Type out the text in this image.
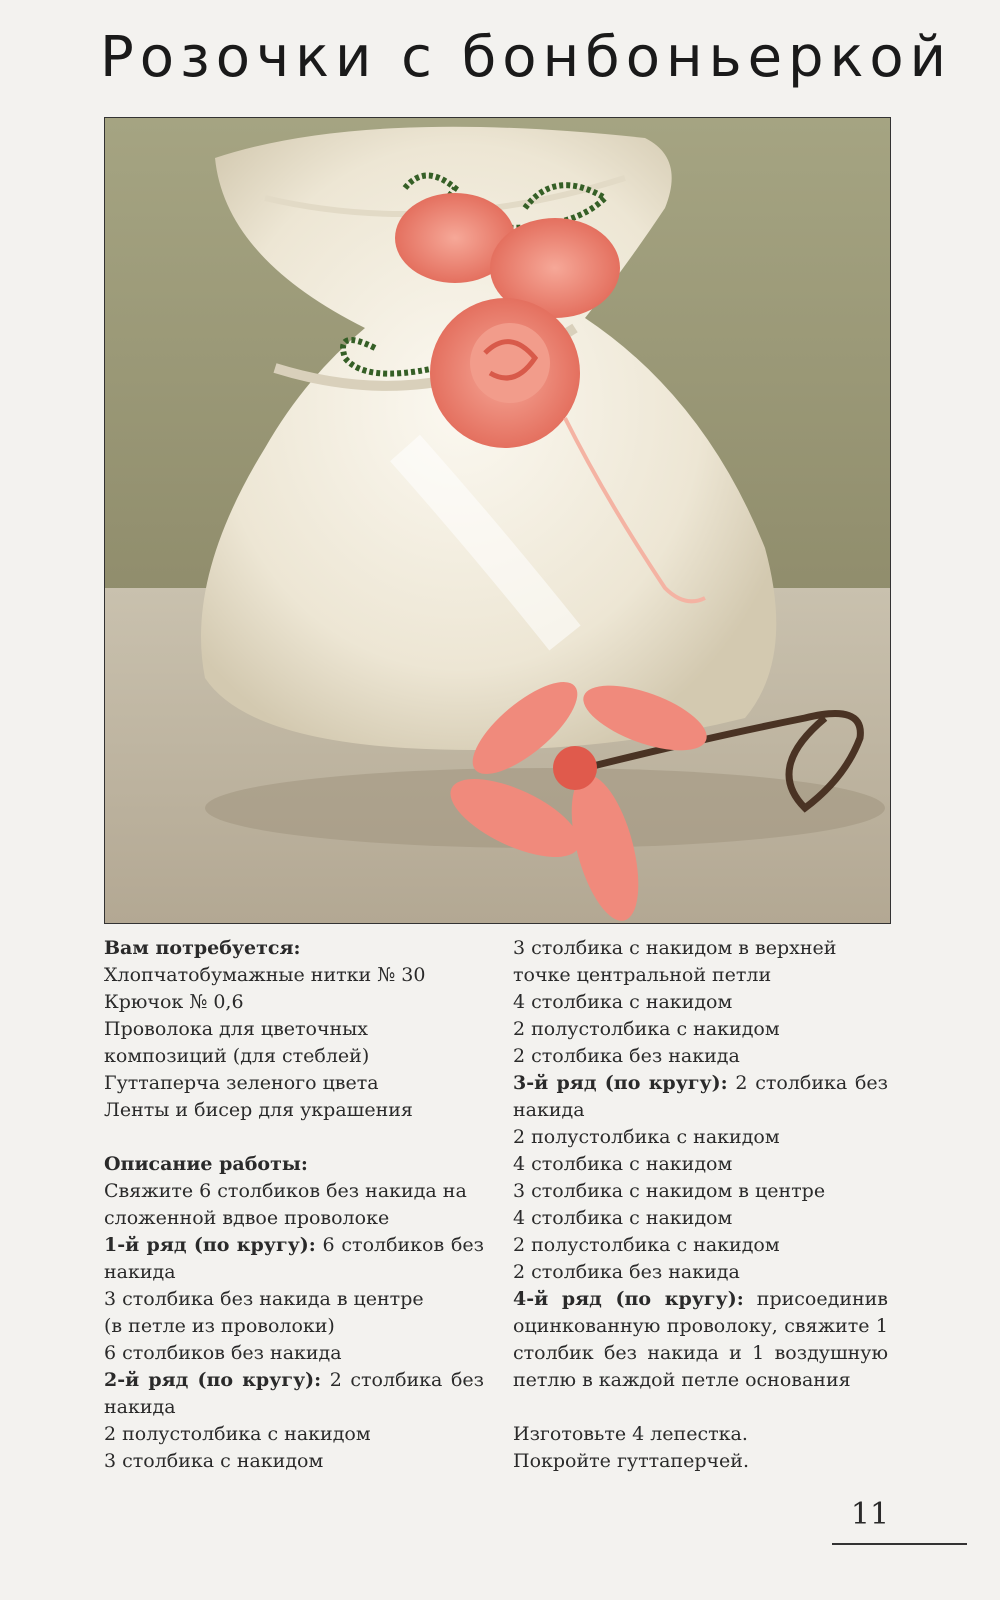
Розочки с бонбоньеркой

Вам потребуется:

Хлопчатобумажные нитки № 30

Крючок № 0,6

Проволока для цветочных

композиций (для стеблей)

Гуттаперча зеленого цвета

Ленты и бисер для украшения

Описание работы:

Свяжите 6 столбиков без накида на

сложенной вдвое проволоке

1-й ряд (по кругу): 6 столбиков без накида

3 столбика без накида в центре

(в петле из проволоки)

6 столбиков без накида

2-й ряд (по кругу): 2 столбика без накида

2 полустолбика с накидом

3 столбика с накидом

3 столбика с накидом в верхней точке центральной петли

4 столбика с накидом

2 полустолбика с накидом

2 столбика без накида

3-й ряд (по кругу): 2 столбика без накида

2 полустолбика с накидом

4 столбика с накидом

3 столбика с накидом в центре

4 столбика с накидом

2 полустолбика с накидом

2 столбика без накида

4-й ряд (по кругу): присоединив оцинкованную проволоку, свяжите 1 столбик без накида и 1 воздушную петлю в каждой петле основания

Изготовьте 4 лепестка.

Покройте гуттаперчей.

11
